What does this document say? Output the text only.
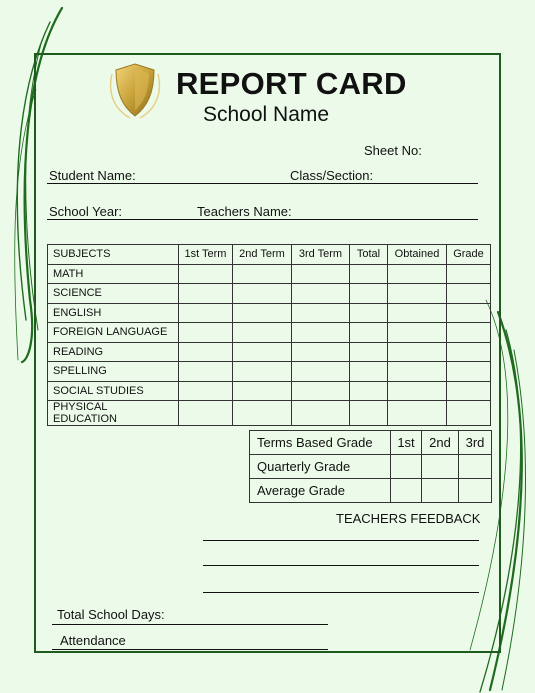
REPORT CARD
School Name
Sheet No:
Student Name:	Class/Section:
School Year:	Teachers Name:
SUBJECTS	1st Term	2nd Term	3rd Term	Total	Obtained	Grade
MATH						
SCIENCE						
ENGLISH						
FOREIGN LANGUAGE						
READING						
SPELLING						
SOCIAL STUDIES						
PHYSICAL EDUCATION						
Terms Based Grade	1st	2nd	3rd
Quarterly Grade			
Average Grade			
TEACHERS FEEDBACK
Total School Days:
Attendance
